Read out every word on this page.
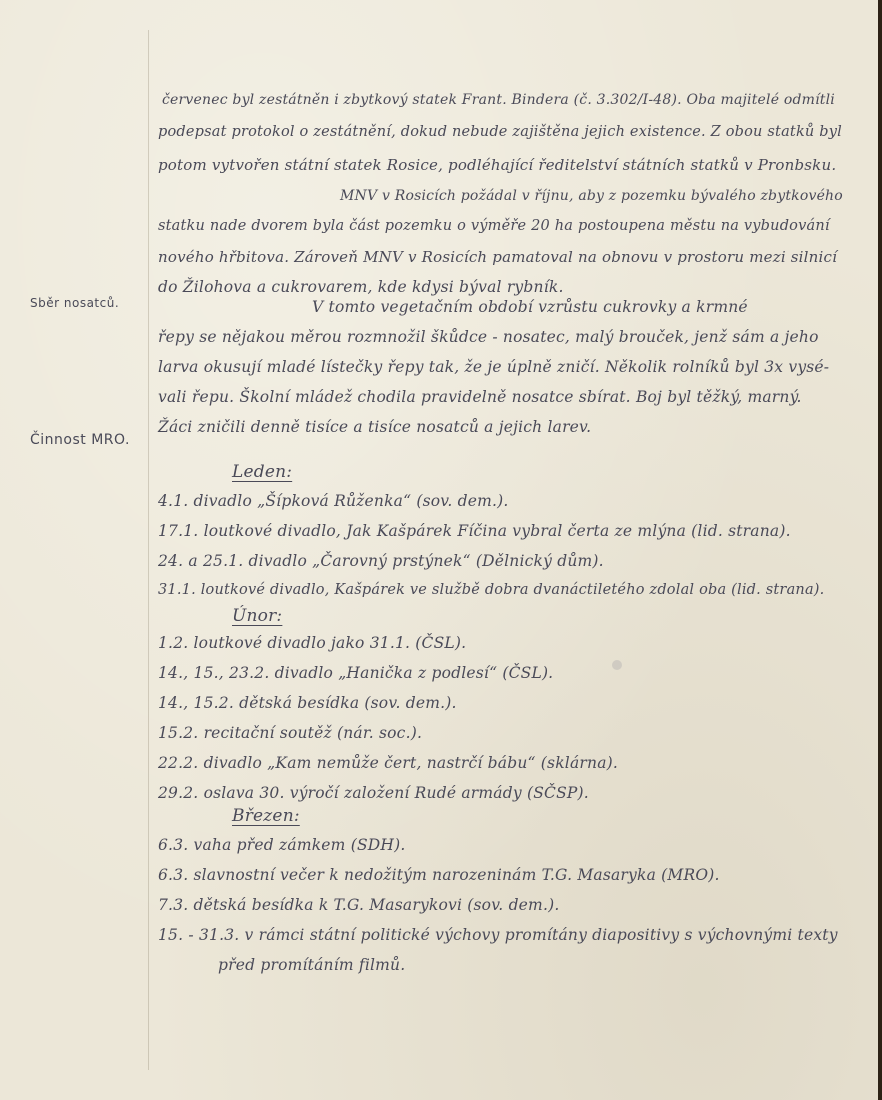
Sběr nosatců.
Činnost MRO.
červenec byl zestátněn i zbytkový statek Frant. Bindera (č. 3.302/I-48). Oba majitelé odmítli
podepsat protokol o zestátnění, dokud nebude zajištěna jejich existence. Z obou statků byl
potom vytvořen státní statek Rosice, podléhající ředitelství státních statků v Pronbsku.
MNV v Rosicích požádal v říjnu, aby z pozemku bývalého zbytkového
statku nade dvorem byla část pozemku o výměře 20 ha postoupena městu na vybudování
nového hřbitova. Zároveň MNV v Rosicích pamatoval na obnovu v prostoru mezi silnicí
do Žilohova a cukrovarem, kde kdysi býval rybník.
V tomto vegetačním období vzrůstu cukrovky a krmné
řepy se nějakou měrou rozmnožil škůdce - nosatec, malý brouček, jenž sám a jeho
larva okusují mladé lístečky řepy tak, že je úplně zničí. Několik rolníků byl 3x vysé-
vali řepu. Školní mládež chodila pravidelně nosatce sbírat. Boj byl těžký, marný.
Žáci zničili denně tisíce a tisíce nosatců a jejich larev.
Leden:
4.1. divadlo „Šípková Růženka“ (sov. dem.).
17.1. loutkové divadlo, Jak Kašpárek Fíčina vybral čerta ze mlýna (lid. strana).
24. a 25.1. divadlo „Čarovný prstýnek“ (Dělnický dům).
31.1. loutkové divadlo, Kašpárek ve službě dobra dvanáctiletého zdolal oba (lid. strana).
Únor:
1.2. loutkové divadlo jako 31.1. (ČSL).
14., 15., 23.2. divadlo „Hanička z podlesí“ (ČSL).
14., 15.2. dětská besídka (sov. dem.).
15.2. recitační soutěž (nár. soc.).
22.2. divadlo „Kam nemůže čert, nastrčí bábu“ (sklárna).
29.2. oslava 30. výročí založení Rudé armády (SČSP).
Březen:
6.3. vaha před zámkem (SDH).
6.3. slavnostní večer k nedožitým narozeninám T.G. Masaryka (MRO).
7.3. dětská besídka k T.G. Masarykovi (sov. dem.).
15. - 31.3. v rámci státní politické výchovy promítány diapositivy s výchovnými texty
před promítáním filmů.
